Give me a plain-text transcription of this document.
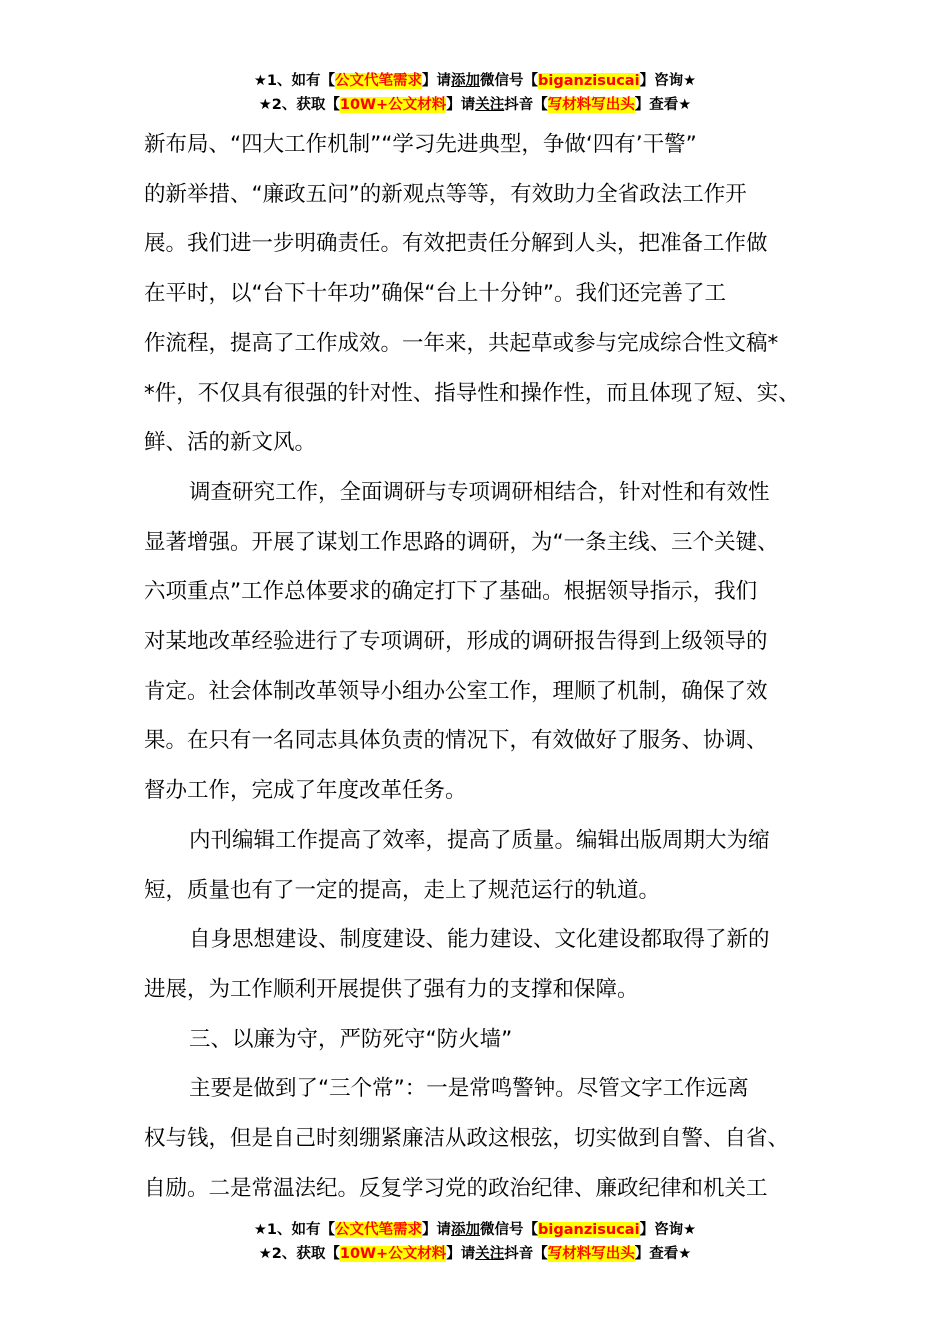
★1、如有【公文代笔需求】请添加微信号【biganzisucai】咨询★
★2、获取【10W+公文材料】请关注抖音【写材料写出头】查看★
新布局、“四大工作机制”“学习先进典型，争做‘四有’干警”
的新举措、“廉政五问”的新观点等等，有效助力全省政法工作开
展。我们进一步明确责任。有效把责任分解到人头，把准备工作做
在平时，以“台下十年功”确保“台上十分钟”。我们还完善了工
作流程，提高了工作成效。一年来，共起草或参与完成综合性文稿*
*件，不仅具有很强的针对性、指导性和操作性，而且体现了短、实、
鲜、活的新文风。
调查研究工作，全面调研与专项调研相结合，针对性和有效性
显著增强。开展了谋划工作思路的调研，为“一条主线、三个关键、
六项重点”工作总体要求的确定打下了基础。根据领导指示，我们
对某地改革经验进行了专项调研，形成的调研报告得到上级领导的
肯定。社会体制改革领导小组办公室工作，理顺了机制，确保了效
果。在只有一名同志具体负责的情况下，有效做好了服务、协调、
督办工作，完成了年度改革任务。
内刊编辑工作提高了效率，提高了质量。编辑出版周期大为缩
短，质量也有了一定的提高，走上了规范运行的轨道。
自身思想建设、制度建设、能力建设、文化建设都取得了新的
进展，为工作顺利开展提供了强有力的支撑和保障。
三、以廉为守，严防死守“防火墙”
主要是做到了“三个常”：一是常鸣警钟。尽管文字工作远离
权与钱，但是自己时刻绷紧廉洁从政这根弦，切实做到自警、自省、
自励。二是常温法纪。反复学习党的政治纪律、廉政纪律和机关工
★1、如有【公文代笔需求】请添加微信号【biganzisucai】咨询★
★2、获取【10W+公文材料】请关注抖音【写材料写出头】查看★
